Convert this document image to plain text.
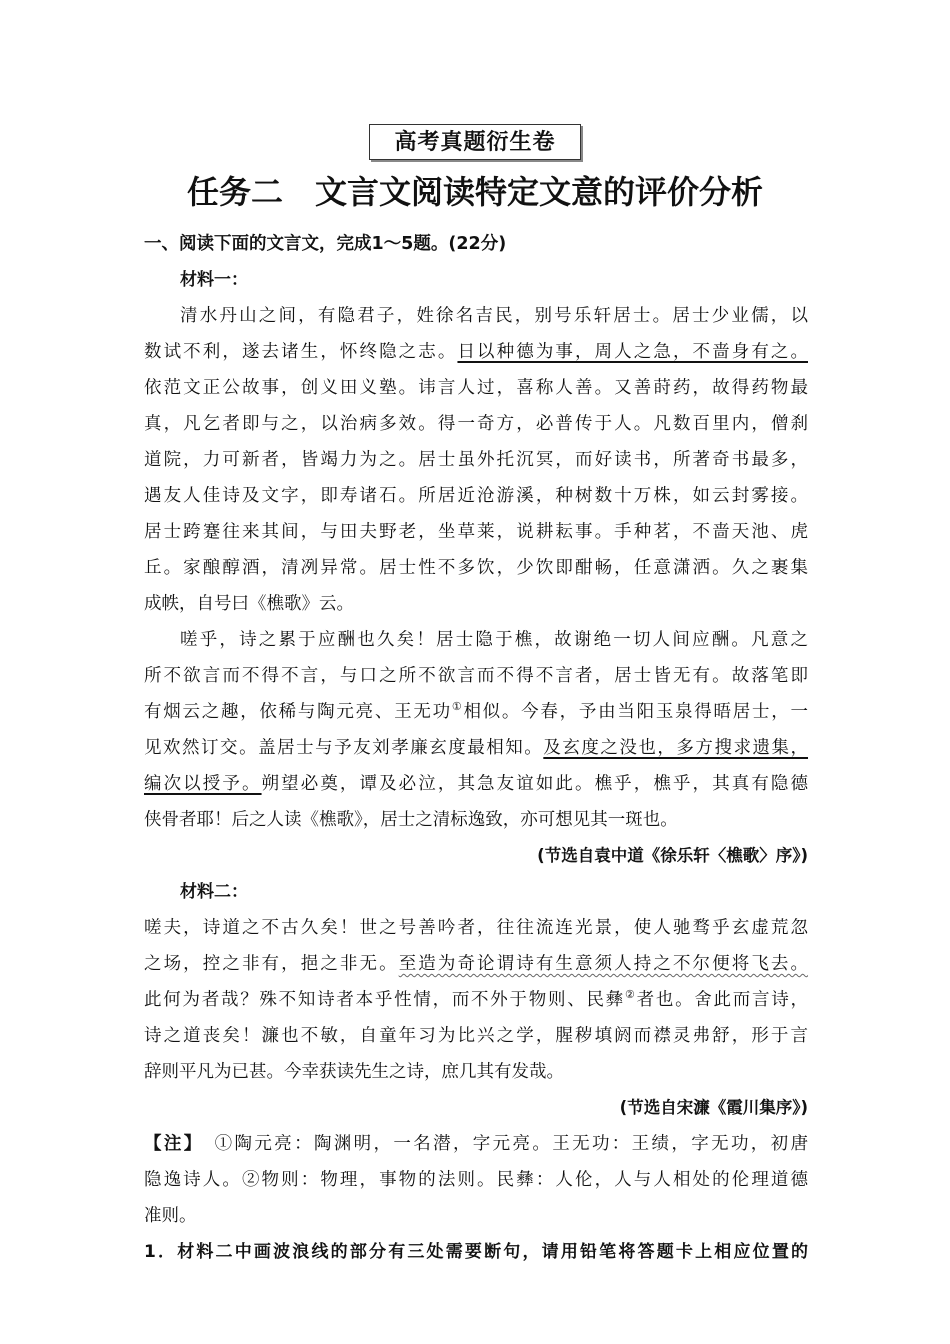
高考真题衍生卷
任务二　文言文阅读特定文意的评价分析
一、阅读下面的文言文，完成1～5题。(22分)
材料一：
清水丹山之间，有隐君子，姓徐名吉民，别号乐轩居士。居士少业儒，以
数试不利，遂去诸生，怀终隐之志。日以种德为事，周人之急，不啬身有之。
依范文正公故事，创义田义塾。讳言人过，喜称人善。又善莳药，故得药物最
真，凡乞者即与之，以治病多效。得一奇方，必普传于人。凡数百里内，僧刹
道院，力可新者，皆竭力为之。居士虽外托沉冥，而好读书，所著奇书最多，
遇友人佳诗及文字，即寿诸石。所居近沧游溪，种树数十万株，如云封雾接。
居士跨蹇往来其间，与田夫野老，坐草莱，说耕耘事。手种茗，不啬天池、虎
丘。家酿醇酒，清冽异常。居士性不多饮，少饮即酣畅，任意潇洒。久之裹集
成帙，自号曰《樵歌》云。
嗟乎，诗之累于应酬也久矣！居士隐于樵，故谢绝一切人间应酬。凡意之
所不欲言而不得不言，与口之所不欲言而不得不言者，居士皆无有。故落笔即
有烟云之趣，依稀与陶元亮、王无功①相似。今春，予由当阳玉泉得晤居士，一
见欢然订交。盖居士与予友刘孝廉玄度最相知。及玄度之没也，多方搜求遗集，
编次以授予。朔望必奠，谭及必泣，其急友谊如此。樵乎，樵乎，其真有隐德
侠骨者耶！后之人读《樵歌》，居士之清标逸致，亦可想见其一斑也。
(节选自袁中道《徐乐轩〈樵歌〉序》)
材料二：
嗟夫，诗道之不古久矣！世之号善吟者，往往流连光景，使人驰骛乎玄虚荒忽
之场，控之非有，挹之非无。至造为奇论谓诗有生意须人持之不尔便将飞去。
此何为者哉？殊不知诗者本乎性情，而不外于物则、民彝②者也。舍此而言诗，
诗之道丧矣！濂也不敏，自童年习为比兴之学，腥秽填阏而襟灵弗舒，形于言
辞则平凡为已甚。今幸获读先生之诗，庶几其有发哉。
(节选自宋濂《霞川集序》)
【注】　①陶元亮：陶渊明，一名潜，字元亮。王无功：王绩，字无功，初唐
隐逸诗人。②物则：物理，事物的法则。民彝：人伦，人与人相处的伦理道德
准则。
1．材料二中画波浪线的部分有三处需要断句，请用铅笔将答题卡上相应位置的
